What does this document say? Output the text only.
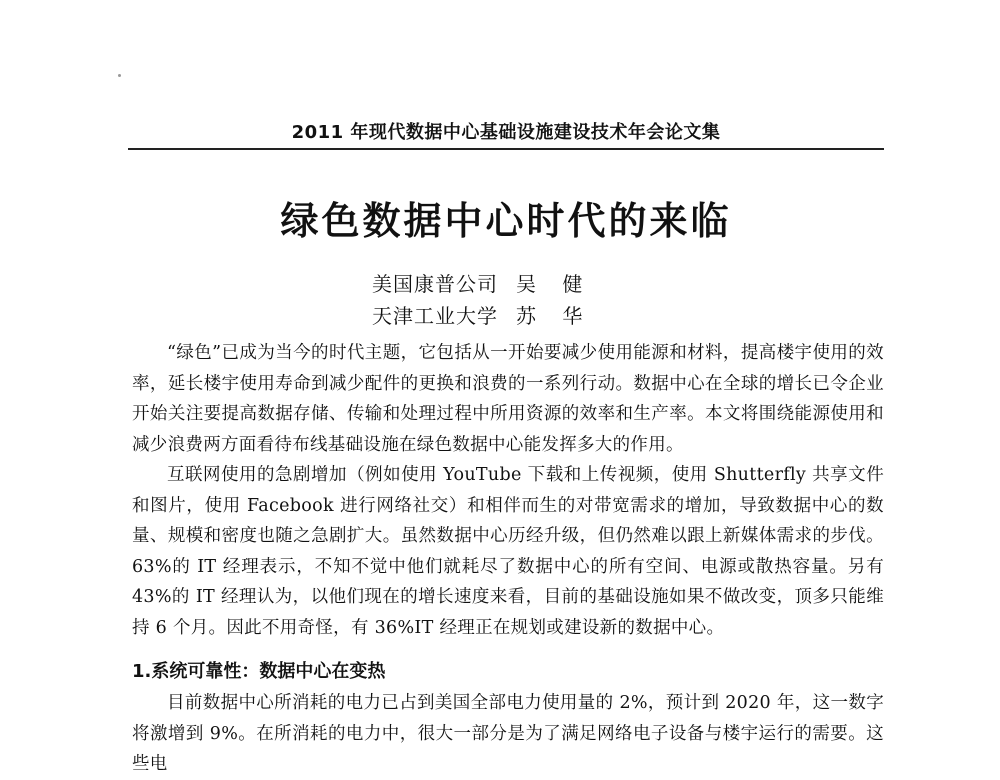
2011 年现代数据中心基础设施建设技术年会论文集
绿色数据中心时代的来临
美国康普公司 吴 健
天津工业大学 苏 华
“绿色”已成为当今的时代主题，它包括从一开始要减少使用能源和材料，提高楼宇使用的效率，延长楼宇使用寿命到减少配件的更换和浪费的一系列行动。数据中心在全球的增长已令企业开始关注要提高数据存储、传输和处理过程中所用资源的效率和生产率。本文将围绕能源使用和减少浪费两方面看待布线基础设施在绿色数据中心能发挥多大的作用。
互联网使用的急剧增加（例如使用 YouTube 下载和上传视频，使用 Shutterfly 共享文件和图片，使用 Facebook 进行网络社交）和相伴而生的对带宽需求的增加，导致数据中心的数量、规模和密度也随之急剧扩大。虽然数据中心历经升级，但仍然难以跟上新媒体需求的步伐。63%的 IT 经理表示，不知不觉中他们就耗尽了数据中心的所有空间、电源或散热容量。另有 43%的 IT 经理认为，以他们现在的增长速度来看，目前的基础设施如果不做改变，顶多只能维持 6 个月。因此不用奇怪，有 36%IT 经理正在规划或建设新的数据中心。
1.系统可靠性：数据中心在变热
目前数据中心所消耗的电力已占到美国全部电力使用量的 2%，预计到 2020 年，这一数字将激增到 9%。在所消耗的电力中，很大一部分是为了满足网络电子设备与楼宇运行的需要。这些电
